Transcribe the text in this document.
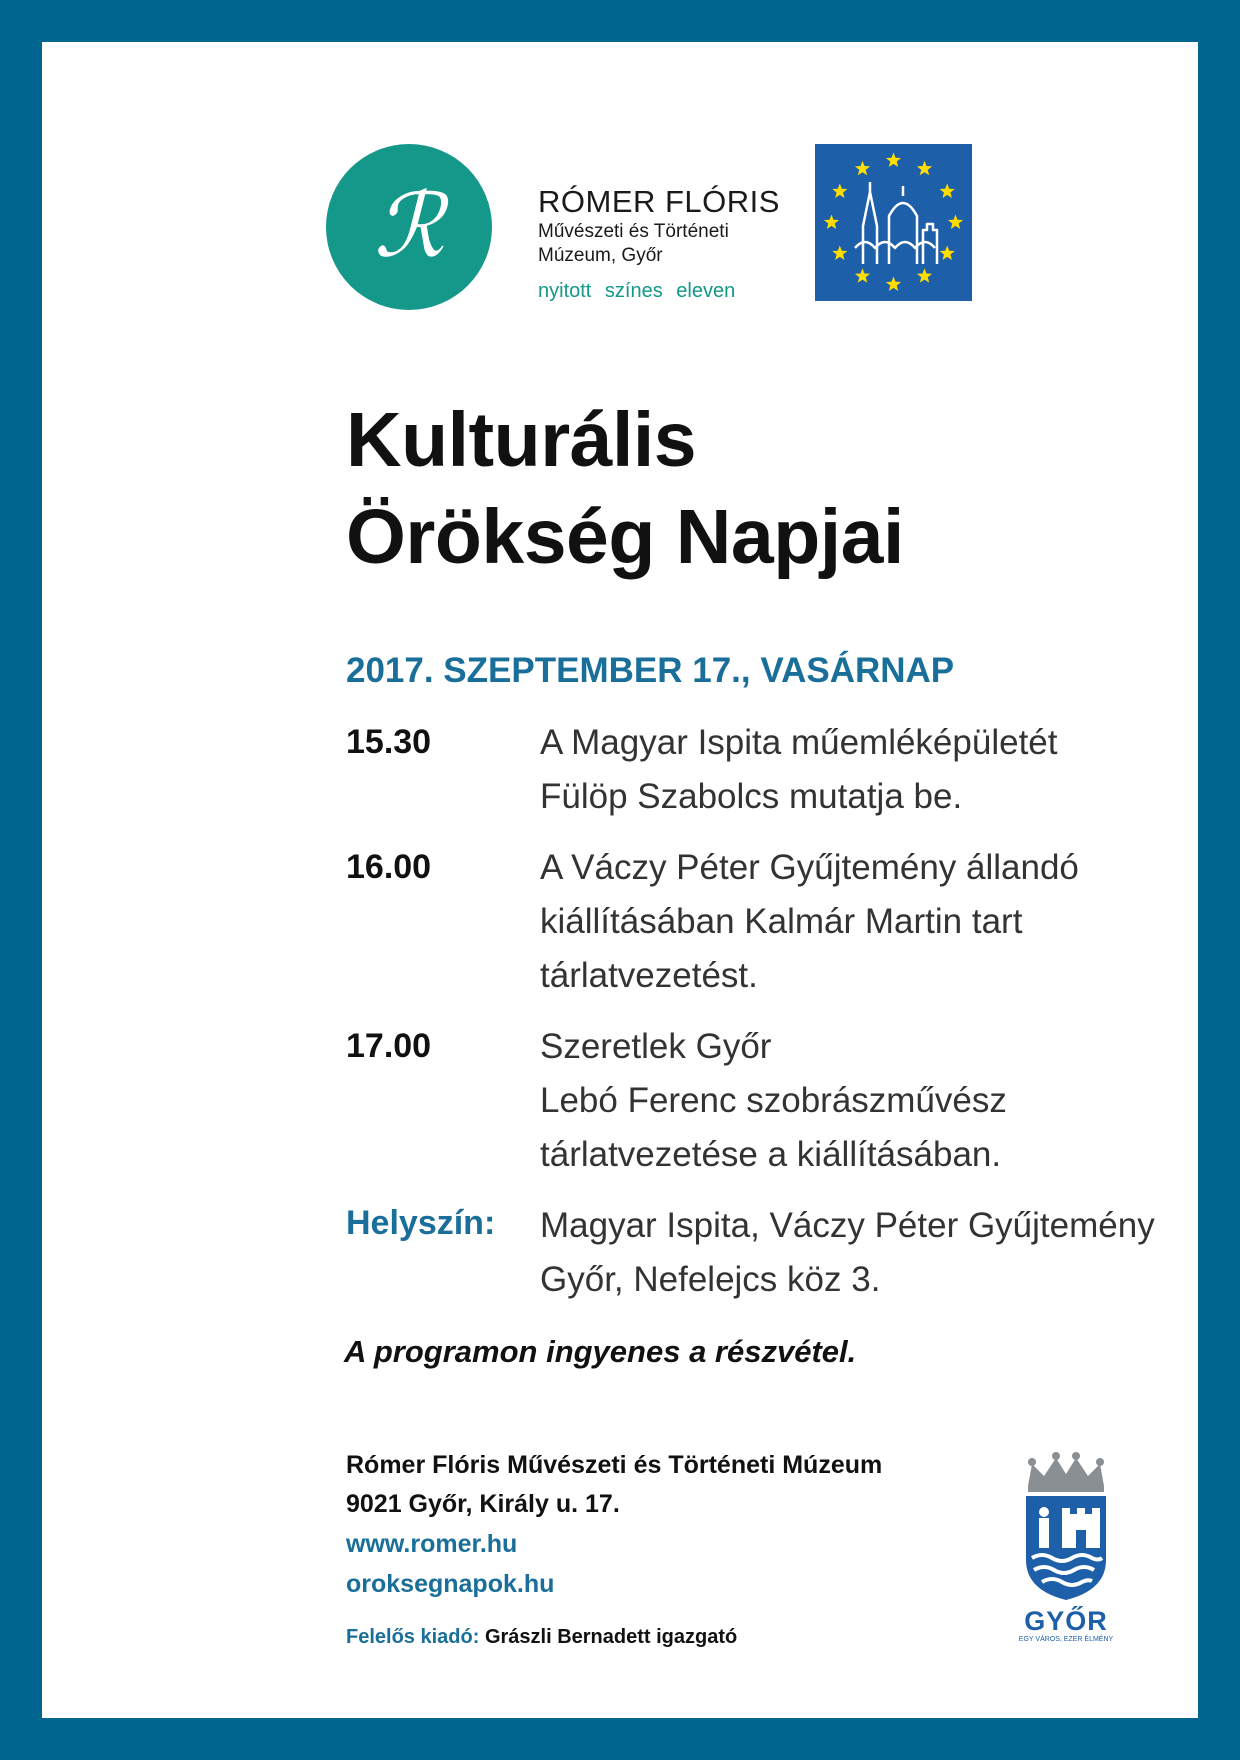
ℛ	RÓMER FLÓRIS
Művészeti és Történeti
Múzeum, Győr
nyitott színes eleven
Kulturális
Örökség Napjai
2017. SZEPTEMBER 17., VASÁRNAP
15.30	A Magyar Ispita műemléképületét
Fülöp Szabolcs mutatja be.
16.00	A Váczy Péter Gyűjtemény állandó
kiállításában Kalmár Martin tart
tárlatvezetést.
17.00	Szeretlek Győr
Lebó Ferenc szobrászművész
tárlatvezetése a kiállításában.
Helyszín: Magyar Ispita, Váczy Péter Gyűjtemény
Győr, Nefelejcs köz 3.
A programon ingyenes a részvétel.
Rómer Flóris Művészeti és Történeti Múzeum
9021 Győr, Király u. 17.
www.romer.hu
oroksegnapok.hu
Felelős kiadó: Grászli Bernadett igazgató
GYŐR
EGY VÁROS, EZER ÉLMÉNY
